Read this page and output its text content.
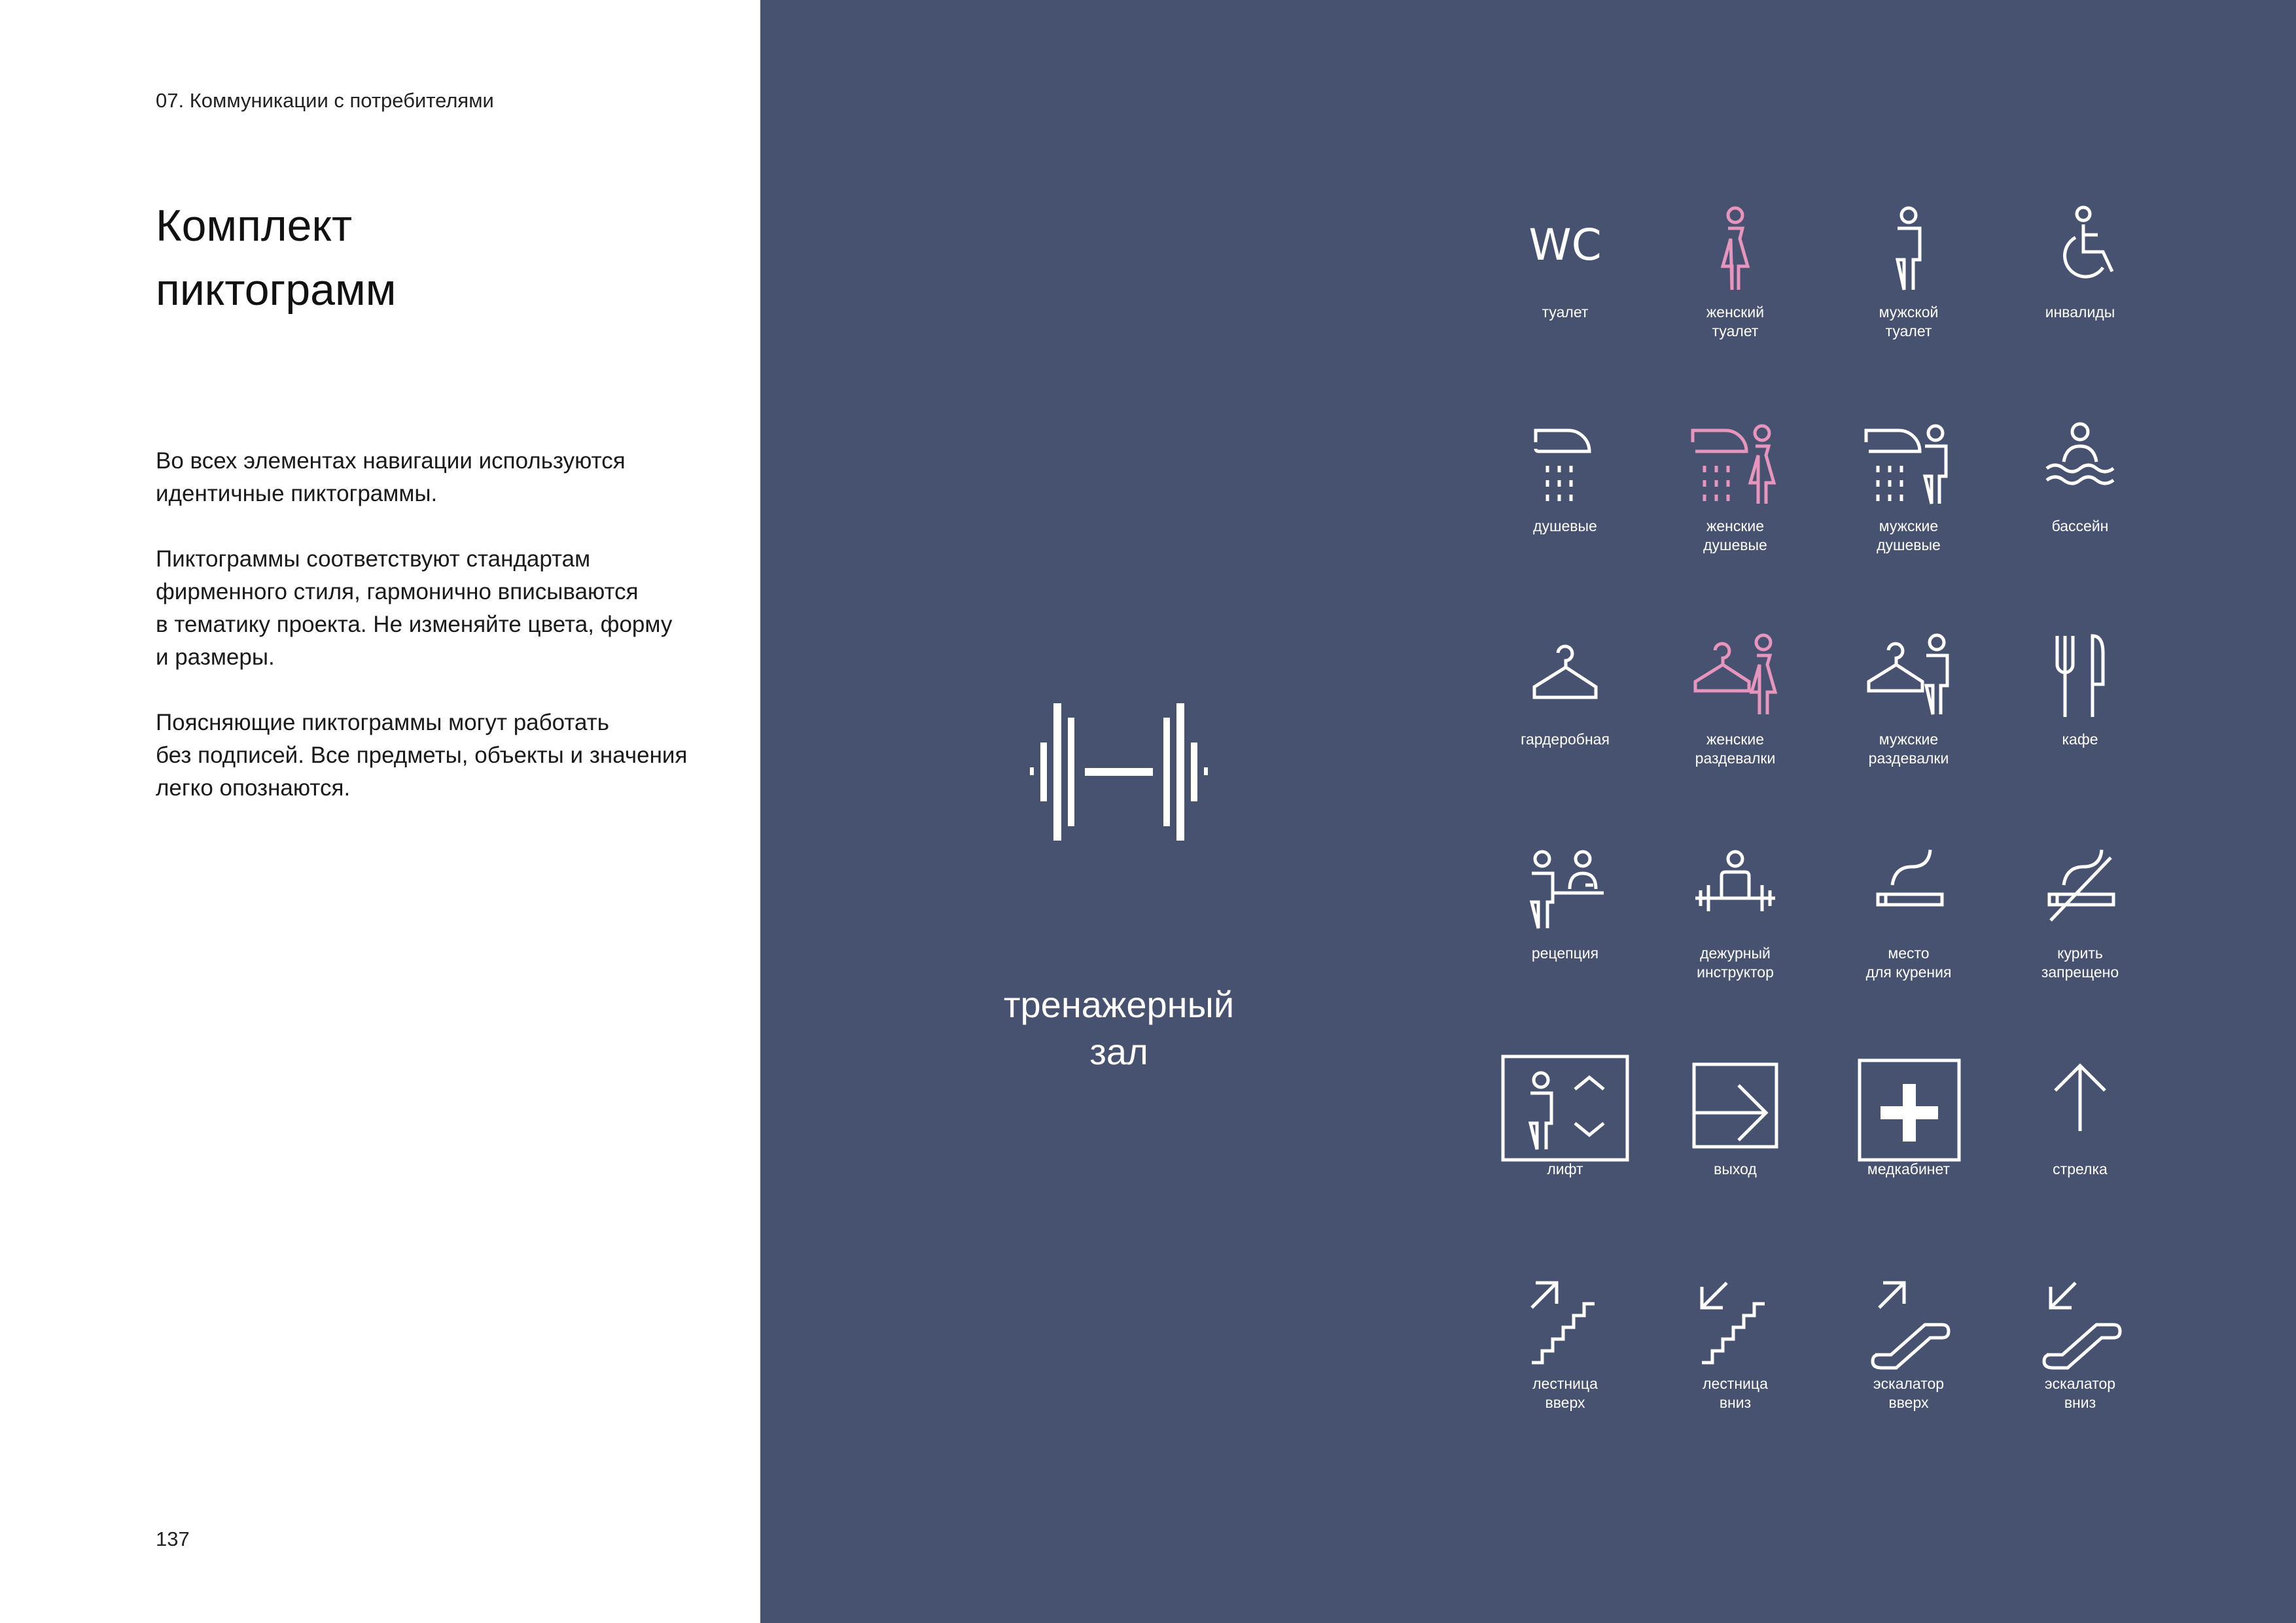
07. Коммуникации с потребителями
Комплект
пиктограмм

Во всех элементах навигации используются
идентичные пиктограммы.

Пиктограммы соответствуют стандартам
фирменного стиля, гармонично вписываются
в тематику проекта. Не изменяйте цвета, форму
и размеры.

Поясняющие пиктограммы могут работать
без подписей. Все предметы, объекты и значения
легко опознаются.

137
тренажерный
зал
WC
туалет	женский
туалет
мужской
туалет
инвалиды
душевые	женские
душевые
мужские
душевые
бассейн
гардеробная	женские
раздевалки
мужские
раздевалки
кафе
рецепция	дежурный
инструктор
место
для курения
курить
запрещено
лифт	выход	медкабинет	стрелка
лестница
вверх
лестница
вниз
эскалатор
вверх
эскалатор
вниз
